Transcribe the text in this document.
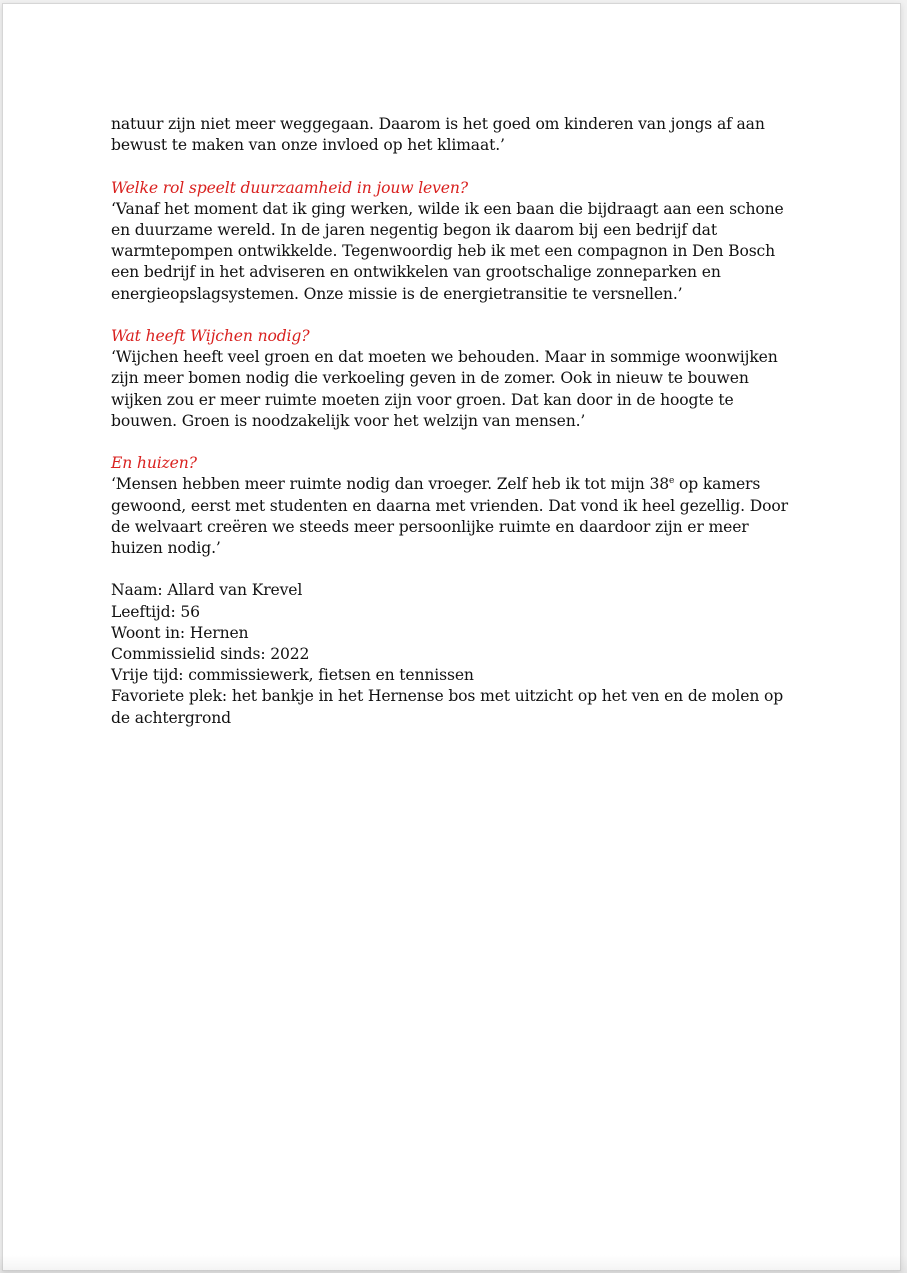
natuur zijn niet meer weggegaan. Daarom is het goed om kinderen van jongs af aan bewust te maken van onze invloed op het klimaat.’

Welke rol speelt duurzaamheid in jouw leven?

‘Vanaf het moment dat ik ging werken, wilde ik een baan die bijdraagt aan een schone en duurzame wereld. In de jaren negentig begon ik daarom bij een bedrijf dat warmtepompen ontwikkelde. Tegenwoordig heb ik met een compagnon in Den Bosch een bedrijf in het adviseren en ontwikkelen van grootschalige zonneparken en energieopslagsystemen. Onze missie is de energietransitie te versnellen.’

Wat heeft Wijchen nodig?

‘Wijchen heeft veel groen en dat moeten we behouden. Maar in sommige woonwijken zijn meer bomen nodig die verkoeling geven in de zomer. Ook in nieuw te bouwen wijken zou er meer ruimte moeten zijn voor groen. Dat kan door in de hoogte te bouwen. Groen is noodzakelijk voor het welzijn van mensen.’

En huizen?

‘Mensen hebben meer ruimte nodig dan vroeger. Zelf heb ik tot mijn 38e op kamers gewoond, eerst met studenten en daarna met vrienden. Dat vond ik heel gezellig. Door de welvaart creëren we steeds meer persoonlijke ruimte en daardoor zijn er meer huizen nodig.’

Naam: Allard van Krevel

Leeftijd: 56

Woont in: Hernen

Commissielid sinds: 2022

Vrije tijd: commissiewerk, fietsen en tennissen

Favoriete plek: het bankje in het Hernense bos met uitzicht op het ven en de molen op de achtergrond
